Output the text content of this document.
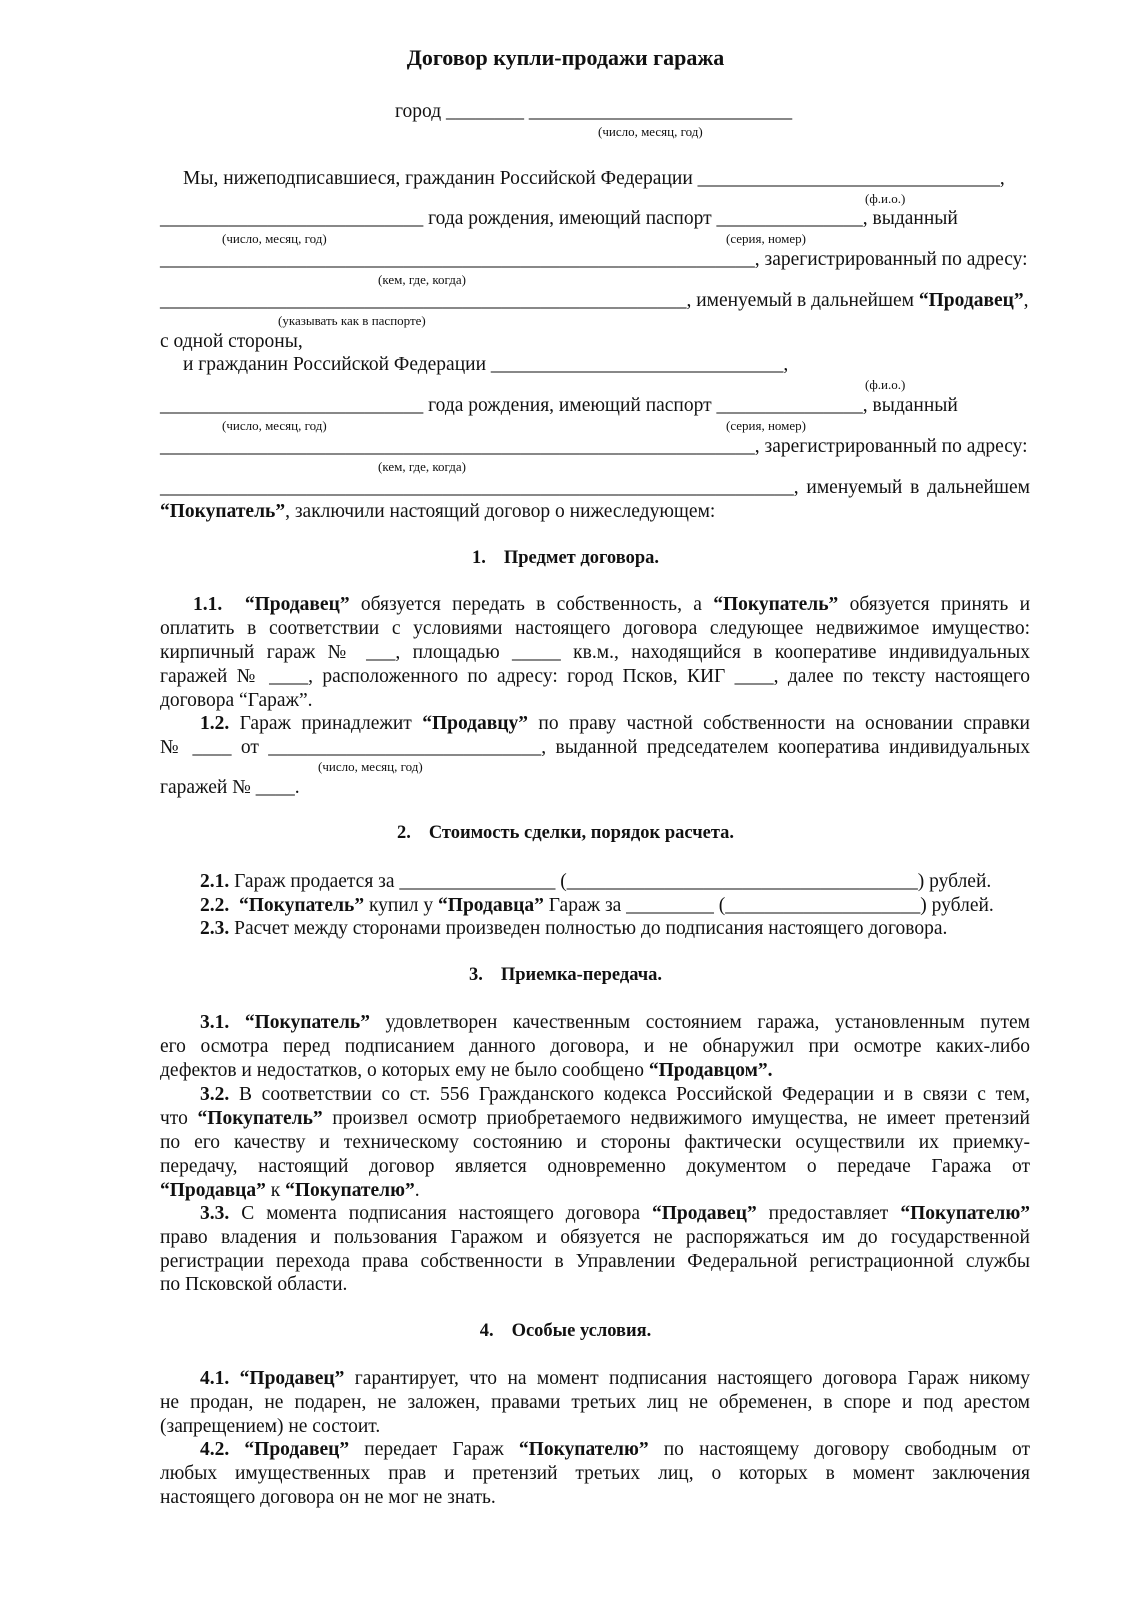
Договор купли-продажи гаража
город ________ ___________________________
(число, месяц, год)
Мы, нижеподписавшиеся, гражданин Российской Федерации _______________________________,
(ф.и.о.)
___________________________ года рождения, имеющий паспорт _______________, выданный
(число, месяц, год)	(серия, номер)
_____________________________________________________________, зарегистрированный по адресу:
(кем, где, когда)
______________________________________________________, именуемый в дальнейшем “Продавец”,
(указывать как в паспорте)
с одной стороны,
и гражданин Российской Федерации ______________________________,
(ф.и.о.)
___________________________ года рождения, имеющий паспорт _______________, выданный
(число, месяц, год)	(серия, номер)
_____________________________________________________________, зарегистрированный по адресу:
(кем, где, когда)
_________________________________________________________________, именуемый в дальнейшем
“Покупатель”, заключили настоящий договор о нижеследующем:
1. Предмет договора.
1.1. “Продавец” обязуется передать в собственность, а “Покупатель” обязуется принять и
оплатить в соответствии с условиями настоящего договора следующее недвижимое имущество:
кирпичный гараж № ___, площадью _____ кв.м., находящийся в кооперативе индивидуальных
гаражей № ____, расположенного по адресу: город Псков, КИГ ____, далее по тексту настоящего
договора “Гараж”.
1.2. Гараж принадлежит “Продавцу” по праву частной собственности на основании справки
№ ____ от ____________________________, выданной председателем кооператива индивидуальных
(число, месяц, год)
гаражей № ____.
2. Стоимость сделки, порядок расчета.
2.1. Гараж продается за ________________ (____________________________________) рублей.
2.2. “Покупатель” купил у “Продавца” Гараж за _________ (____________________) рублей.
2.3. Расчет между сторонами произведен полностью до подписания настоящего договора.
3. Приемка-передача.
3.1. “Покупатель” удовлетворен качественным состоянием гаража, установленным путем
его осмотра перед подписанием данного договора, и не обнаружил при осмотре каких-либо
дефектов и недостатков, о которых ему не было сообщено “Продавцом”.
3.2. В соответствии со ст. 556 Гражданского кодекса Российской Федерации и в связи с тем,
что “Покупатель” произвел осмотр приобретаемого недвижимого имущества, не имеет претензий
по его качеству и техническому состоянию и стороны фактически осуществили их приемку-
передачу, настоящий договор является одновременно документом о передаче Гаража от
“Продавца” к “Покупателю”.
3.3. С момента подписания настоящего договора “Продавец” предоставляет “Покупателю”
право владения и пользования Гаражом и обязуется не распоряжаться им до государственной
регистрации перехода права собственности в Управлении Федеральной регистрационной службы
по Псковской области.
4. Особые условия.
4.1. “Продавец” гарантирует, что на момент подписания настоящего договора Гараж никому
не продан, не подарен, не заложен, правами третьих лиц не обременен, в споре и под арестом
(запрещением) не состоит.
4.2. “Продавец” передает Гараж “Покупателю” по настоящему договору свободным от
любых имущественных прав и претензий третьих лиц, о которых в момент заключения
настоящего договора он не мог не знать.
